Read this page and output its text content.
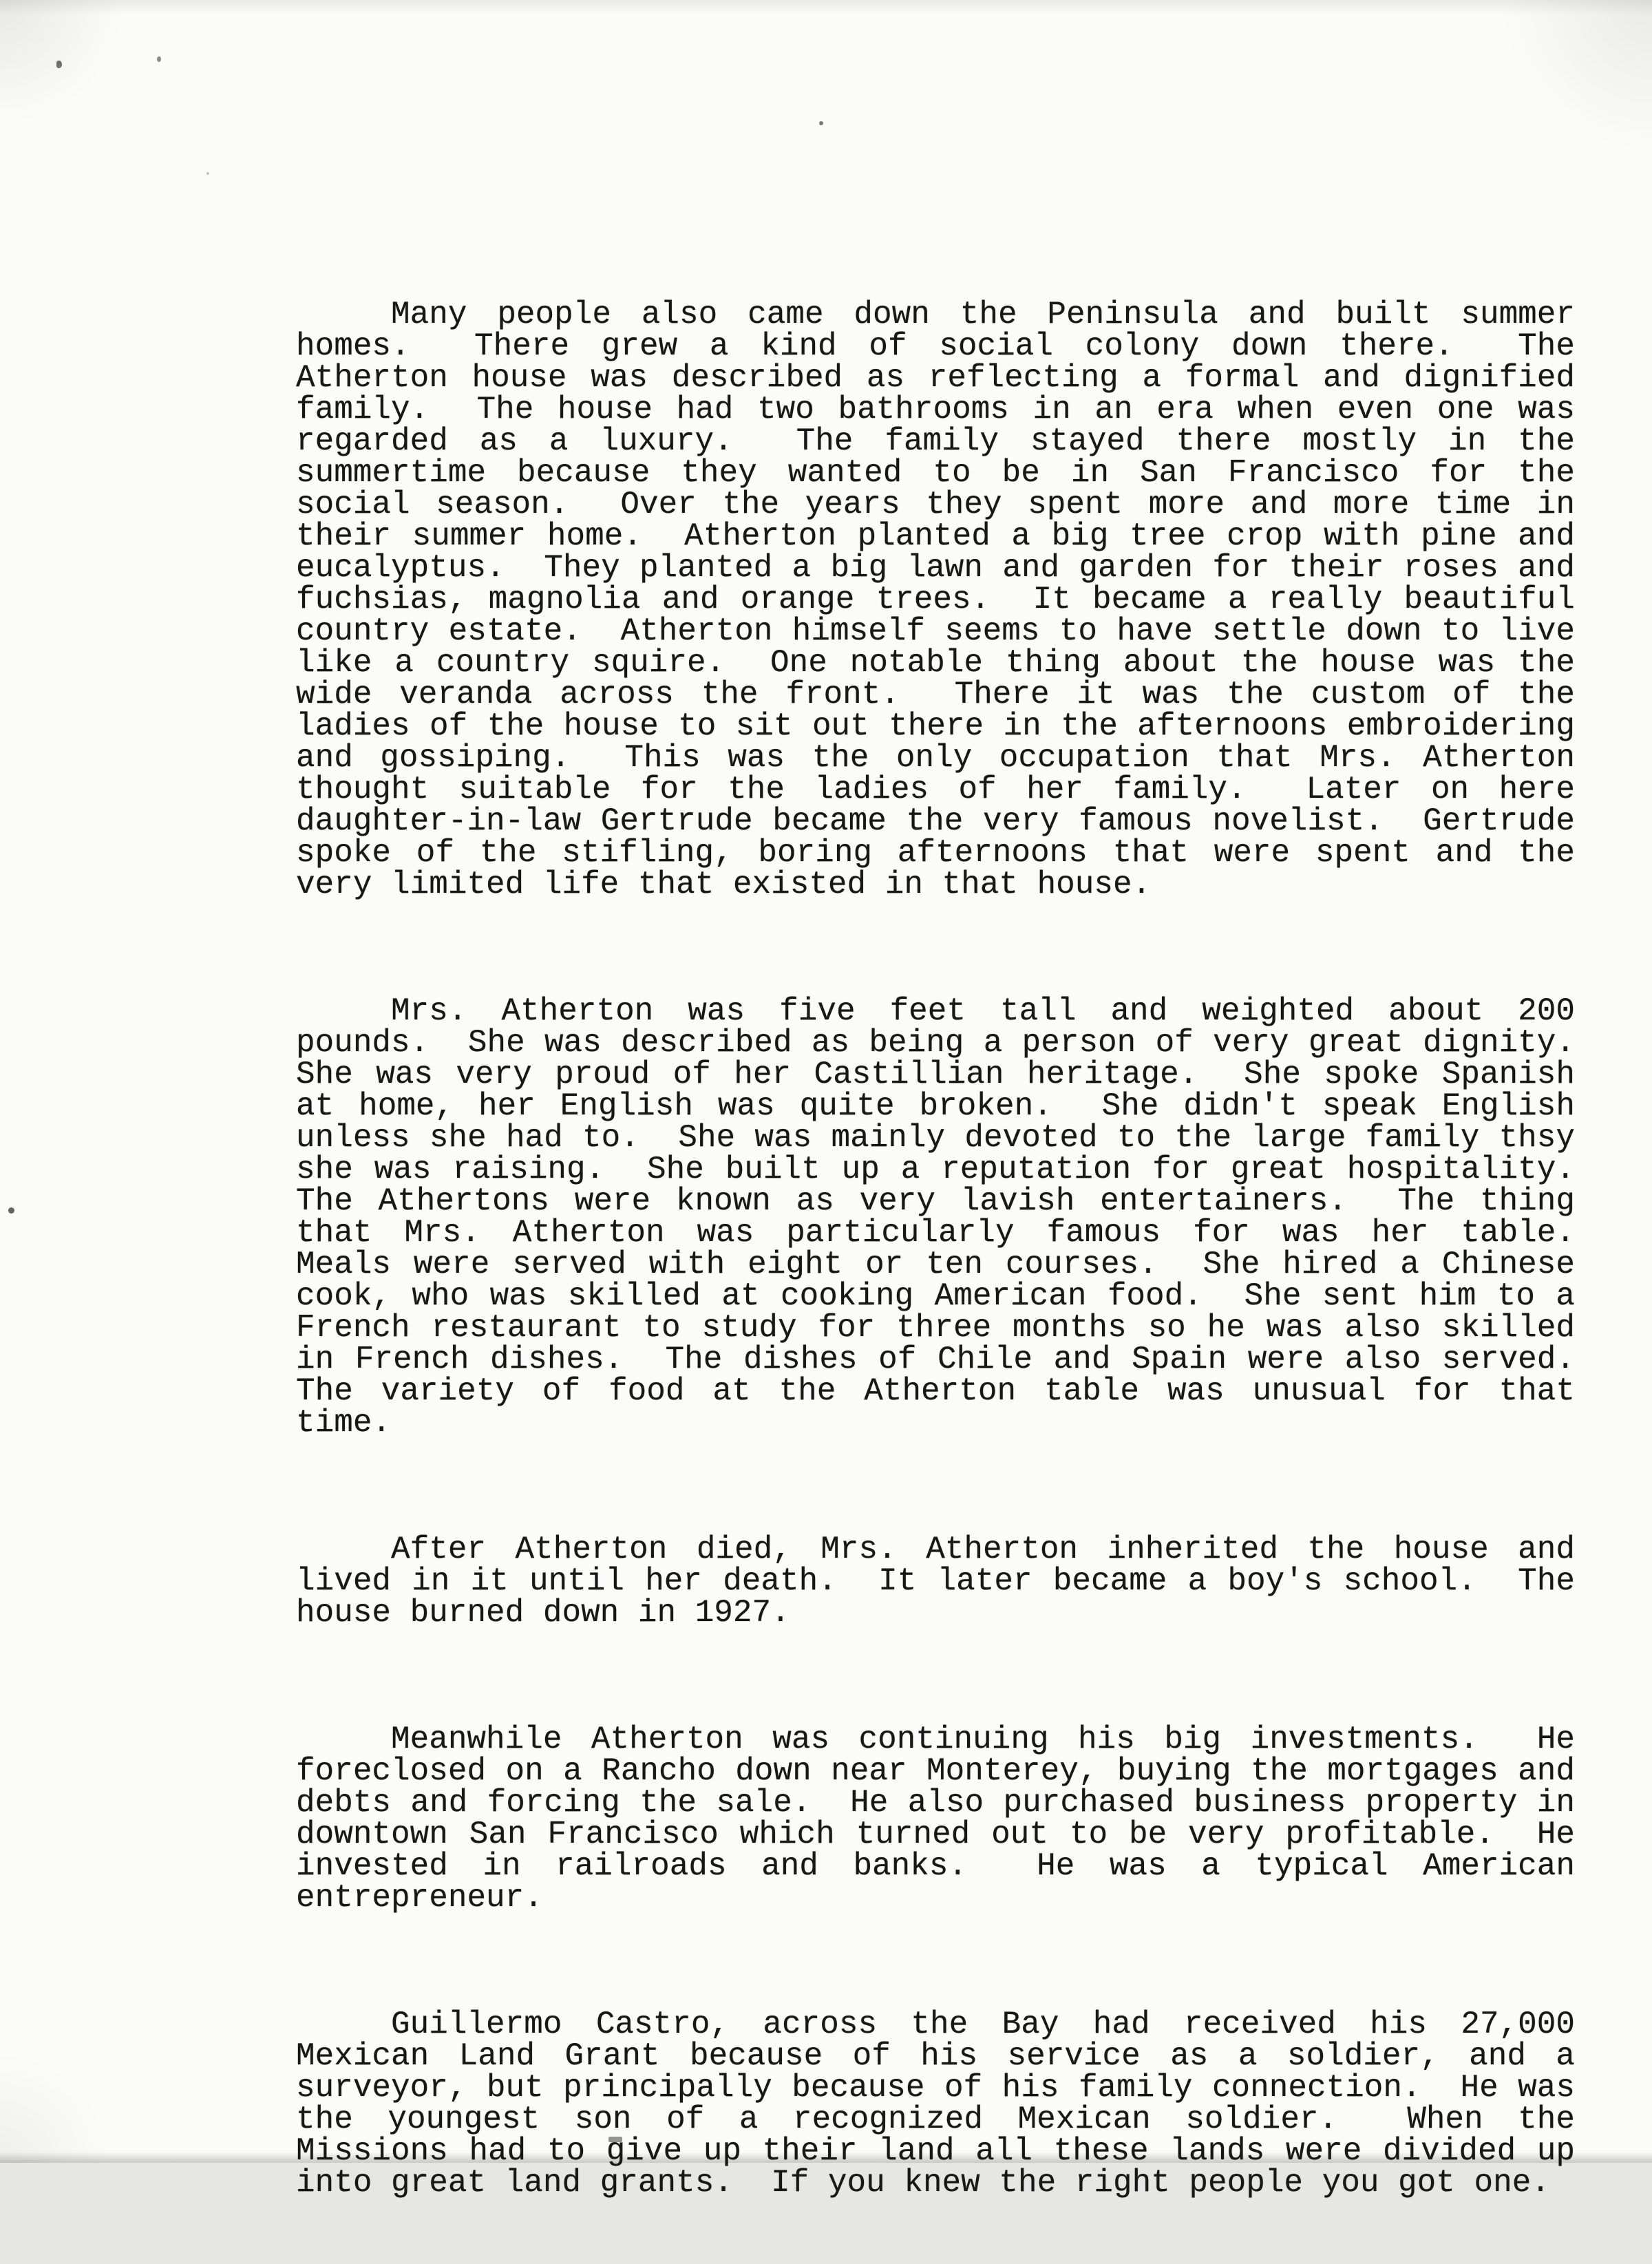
Many people also came down the Peninsula and built summer homes.  There grew a kind of social colony down there.  The Atherton house was described as reflecting a formal and dignified family.  The house had two bathrooms in an era when even one was regarded as a luxury.  The family stayed there mostly in the summertime because they wanted to be in San Francisco for the social season.  Over the years they spent more and more time in their summer home.  Atherton planted a big tree crop with pine and eucalyptus.  They planted a big lawn and garden for their roses and fuchsias, magnolia and orange trees.  It became a really beautiful country estate.  Atherton himself seems to have settle down to live like a country squire.  One notable thing about the house was the wide veranda across the front.  There it was the custom of the ladies of the house to sit out there in the afternoons embroidering and gossiping.  This was the only occupation that Mrs. Atherton thought suitable for the ladies of her family.  Later on here daughter-in-law Gertrude became the very famous novelist.  Gertrude spoke of the stifling, boring afternoons that were spent and the very limited life that existed in that house.

Mrs. Atherton was five feet tall and weighted about 200 pounds.  She was described as being a person of very great dignity.  She was very proud of her Castillian heritage.  She spoke Spanish at home, her English was quite broken.  She didn't speak English unless she had to.  She was mainly devoted to the large family thsy she was raising.  She built up a reputation for great hospitality.  The Athertons were known as very lavish entertainers.  The thing that Mrs. Atherton was particularly famous for was her table.  Meals were served with eight or ten courses.  She hired a Chinese cook, who was skilled at cooking American food.  She sent him to a French restaurant to study for three months so he was also skilled in French dishes.  The dishes of Chile and Spain were also served.  The variety of food at the Atherton table was unusual for that time.

After Atherton died, Mrs. Atherton inherited the house and lived in it until her death.  It later became a boy's school.  The house burned down in 1927.

Meanwhile Atherton was continuing his big investments.  He foreclosed on a Rancho down near Monterey, buying the mortgages and debts and forcing the sale.  He also purchased business property in downtown San Francisco which turned out to be very profitable.  He invested in railroads and banks.  He was a typical American entrepreneur.

Guillermo Castro, across the Bay had received his 27,000 Mexican Land Grant because of his service as a soldier, and a surveyor, but principally because of his family connection.  He was the youngest son of a recognized Mexican soldier.  When the Missions had to give up their land all these lands were divided up into great land grants.  If you knew the right people you got one.
